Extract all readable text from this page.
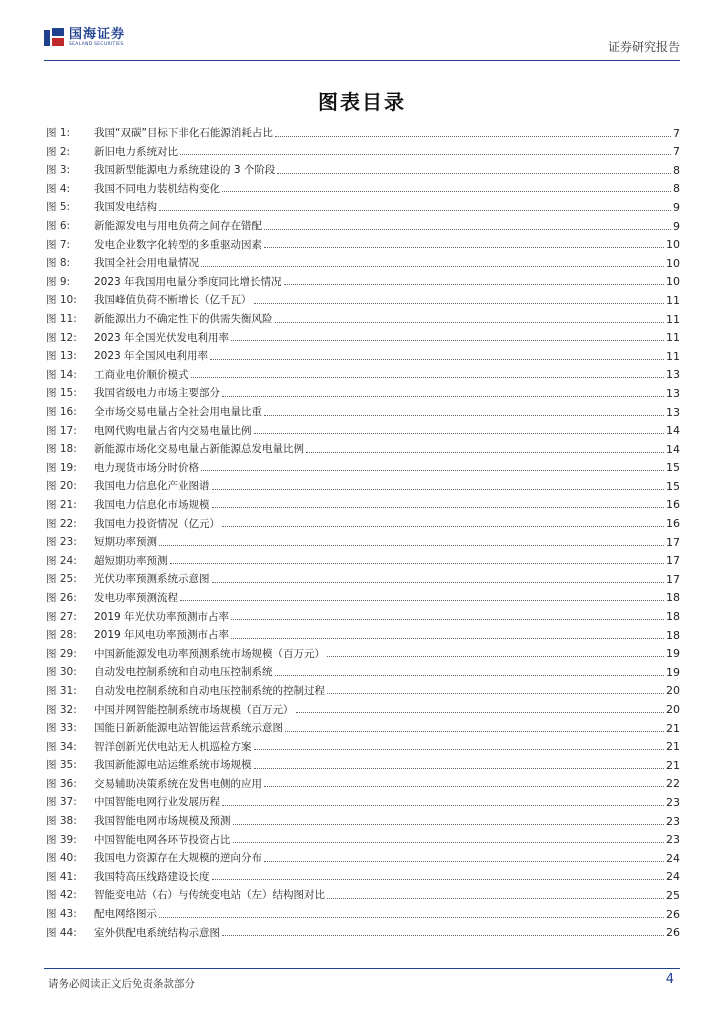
国海证券
SEALAND SECURITIES	证券研究报告
图表目录
图 1:	我国“双碳”目标下非化石能源消耗占比	7
图 2:	新旧电力系统对比	7
图 3:	我国新型能源电力系统建设的 3 个阶段	8
图 4:	我国不同电力装机结构变化	8
图 5:	我国发电结构	9
图 6:	新能源发电与用电负荷之间存在错配	9
图 7:	发电企业数字化转型的多重驱动因素	10
图 8:	我国全社会用电量情况	10
图 9:	2023 年我国用电量分季度同比增长情况	10
图 10:	我国峰值负荷不断增长（亿千瓦）	11
图 11:	新能源出力不确定性下的供需失衡风险	11
图 12:	2023 年全国光伏发电利用率	11
图 13:	2023 年全国风电利用率	11
图 14:	工商业电价顺价模式	13
图 15:	我国省级电力市场主要部分	13
图 16:	全市场交易电量占全社会用电量比重	13
图 17:	电网代购电量占省内交易电量比例	14
图 18:	新能源市场化交易电量占新能源总发电量比例	14
图 19:	电力现货市场分时价格	15
图 20:	我国电力信息化产业图谱	15
图 21:	我国电力信息化市场规模	16
图 22:	我国电力投资情况（亿元）	16
图 23:	短期功率预测	17
图 24:	超短期功率预测	17
图 25:	光伏功率预测系统示意图	17
图 26:	发电功率预测流程	18
图 27:	2019 年光伏功率预测市占率	18
图 28:	2019 年风电功率预测市占率	18
图 29:	中国新能源发电功率预测系统市场规模（百万元）	19
图 30:	自动发电控制系统和自动电压控制系统	19
图 31:	自动发电控制系统和自动电压控制系统的控制过程	20
图 32:	中国并网智能控制系统市场规模（百万元）	20
图 33:	国能日新新能源电站智能运营系统示意图	21
图 34:	智洋创新光伏电站无人机巡检方案	21
图 35:	我国新能源电站运维系统市场规模	21
图 36:	交易辅助决策系统在发售电侧的应用	22
图 37:	中国智能电网行业发展历程	23
图 38:	我国智能电网市场规模及预测	23
图 39:	中国智能电网各环节投资占比	23
图 40:	我国电力资源存在大规模的逆向分布	24
图 41:	我国特高压线路建设长度	24
图 42:	智能变电站（右）与传统变电站（左）结构图对比	25
图 43:	配电网络图示	26
图 44:	室外供配电系统结构示意图	26
请务必阅读正文后免责条款部分	4
